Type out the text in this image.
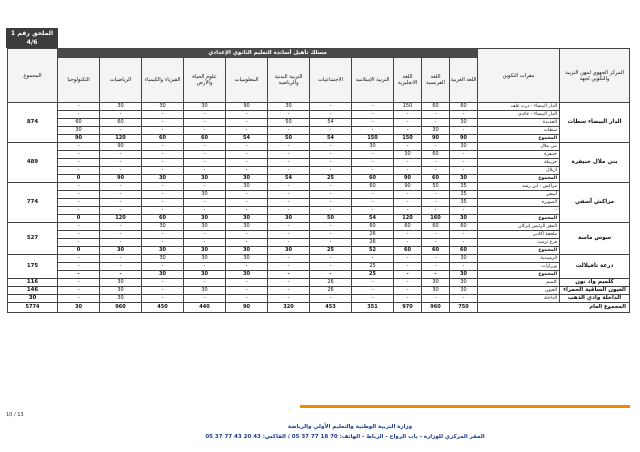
الملحق رقم 1
4/6
المجموع	مسلك تأهيل أساتذة التعليم الثانوي الإعدادي											مقرات التكوين	المركز الجهوي لمهن التربية والتكوين لجهة
	التكنولوجيا	الرياضيات	الفيزياء والكيمياء	علوم الحياة والأرض	المعلوميات	التربية البدنية والرياضية	الاجتماعيات	التربية الإسلامية	اللغة الانجليزية	اللغة الفرنسية	اللغة العربية		
874	-	30	30	30	90	30	-	-	150	60	60	الدار البيضاء - درب غلف	الدار البيضاء سطات
	-	-	-	-	-	-	-	-	-	-	-	الدار البيضاء - عائدي	
	60	60	-	-	-	50	54	-	-	-	30	الجديدة	
	30	-	-	-	-	-	-	-	-	30	-	سطات	
	90	120	60	60	54	50	54	150	150	90	90	المجموع	
489	-	90	-	-	-	-	-	30	-	-	30	بني ملال	بني ملال خنيفرة
	-	-	-	-	-	-	-	-	30	60	-	خنيفرة	
	-	-	-	-	-	-	-	-	-	-	-	خريبكة	
	-	-	-	-	-	-	-	-	-	-	-	أزيلال	
	0	90	30	30	30	54	25	60	90	60	30	المجموع	
774	-	-	-	-	30	-	-	60	90	50	35	مراكش - ابن رشد	مراكش آسفي
	-	-	-	30	-	-	-	-	-	-	35	آسفي	
	-	-	-	-	-	-	-	-	-	-	35	الصويرة	
	-	-	-	-	-	-	-	-	-	-	-	-	
	0	120	60	30	30	30	50	54	120	160	30	المجموع	
527	-	-	30	30	30	-	-	60	60	60	60	المقر الرئيس إنزكان	سوس ماسة
	-	-	-	-	-	-	-	26	-	-	-	ملحقة أكادير	
	-	-	-	-	-	-	-	26	-	-	-	فرع تزنيت	
	0	30	30	30	30	30	25	52	60	60	60	المجموع	
175	-	-	30	30	30	-	-	-	-	-	30	الرشيدية	درعة تافيلالت
	-	-	-	-	-	-	-	25	-	-	-	ورزازات	
	-	-	30	30	30	-	-	25	-	-	30	المجموع	
116	-	30	-	-	-	-	26	-	-	30	30	كلميم	كلميم واد نون
146	-	30	-	30	-	-	26	-	-	30	30	العيون	العيون الساقية الحمراء
30	-	30	-	-	-	-	-	-	-	-	-	الداخلة	الداخلة وادي الذهب
5774	30	960	450	440	90	320	453	351	970	960	750	المجموع العام	
10 / 13
وزارة التربية الوطنية والتعليم الأولي والرياضة
المقر المركزي للوزارة - باب الرواح - الرباط - الهاتف: 70 18 77 37 05 / الفاكس: 43 20 43 77 37 05
